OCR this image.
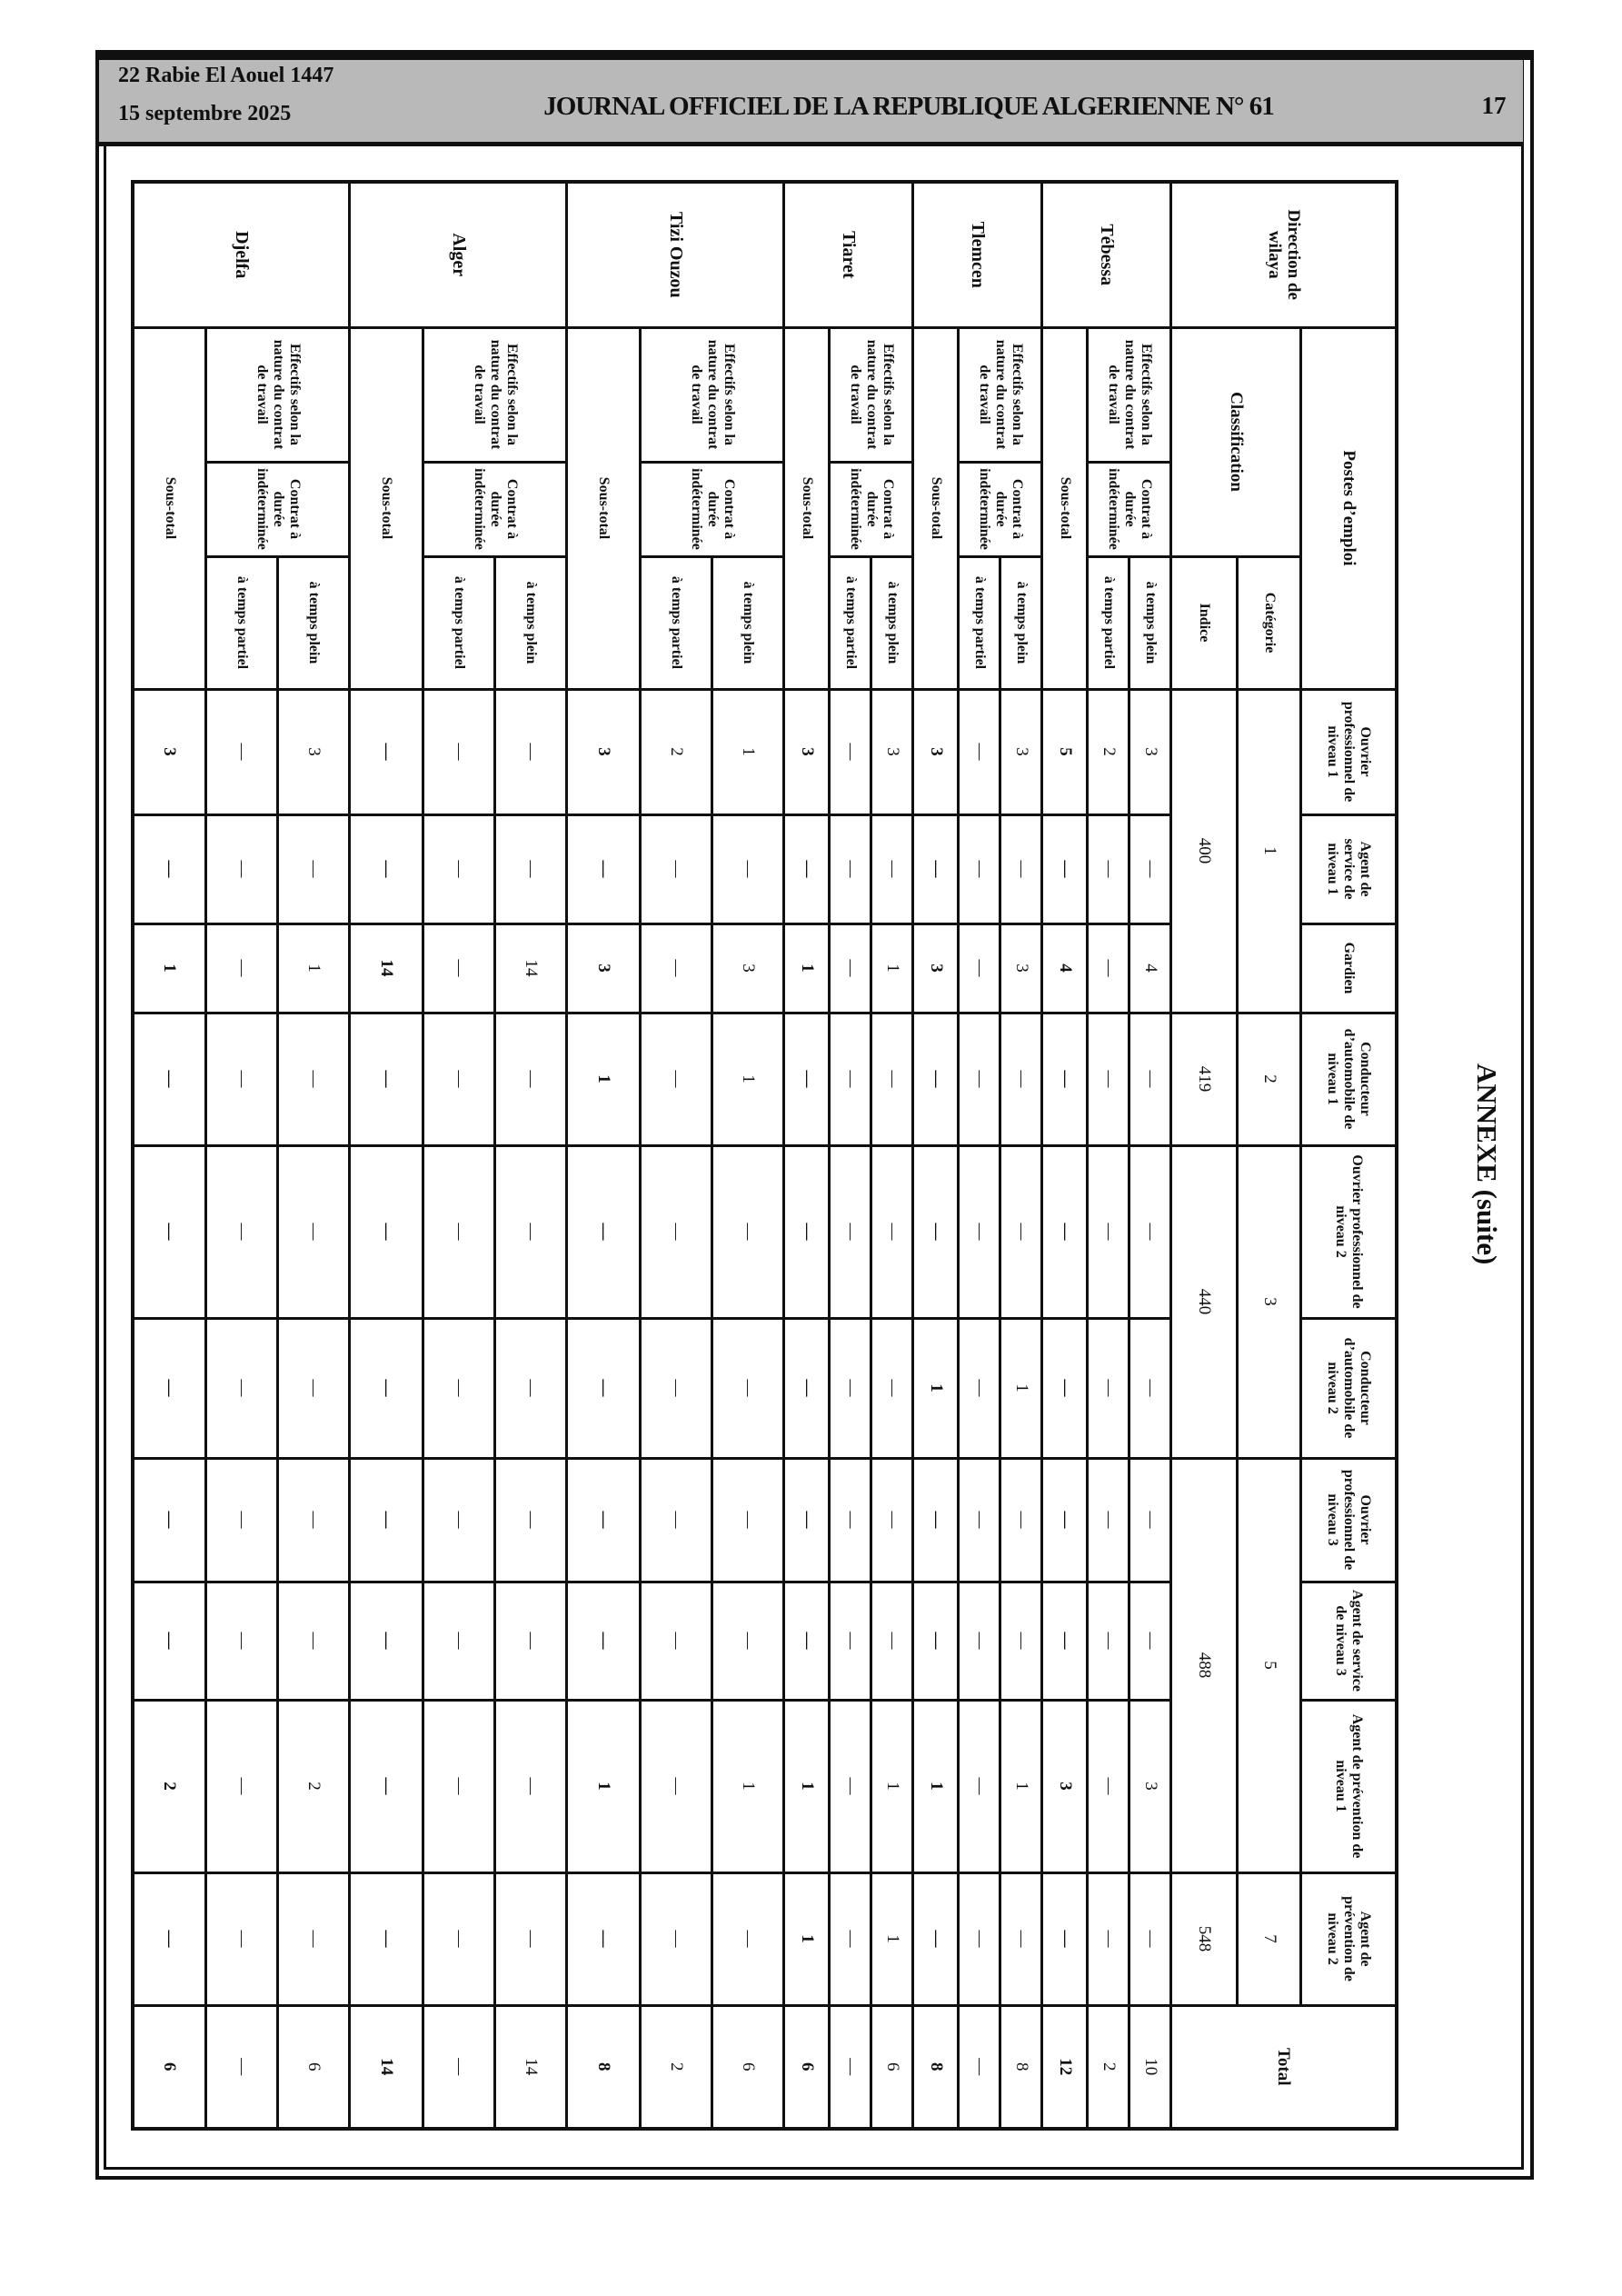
22 Rabie El Aouel 1447
15 septembre 2025	JOURNAL OFFICIEL DE LA REPUBLIQUE ALGERIENNE N° 61	17
ANNEXE (suite)
Direction de wilaya	Postes d’emploi			Ouvrier professionnel de niveau 1	Agent de service de niveau 1	Gardien	Conducteur d’automobile de niveau 1	Ouvrier professionnel de niveau 2	Conducteur d’automobile de niveau 2	Ouvrier professionnel de niveau 3	Agent de service de niveau 3	Agent de prévention de niveau 1	Agent de prévention de niveau 2	Total
	Classification		Catégorie	1			2	3		5			7	
			Indice	400			419	440		488			548	
Tébessa	Effectifs selon la nature du contrat de travail	Contrat à durée indéterminée	à temps plein	3	—	4	—	—	—	—	—	3	—	10
			à temps partiel	2	—	—	—	—	—	—	—	—	—	2
	Sous-total			5	—	4	—	—	—	—	—	3	—	12
Tlemcen	Effectifs selon la nature du contrat de travail	Contrat à durée indéterminée	à temps plein	3	—	3	—	—	1	—	—	1	—	8
			à temps partiel	—	—	—	—	—	—	—	—	—	—	—
	Sous-total			3	—	3	—	—	1	—	—	1	—	8
Tiaret	Effectifs selon la nature du contrat de travail	Contrat à durée indéterminée	à temps plein	3	—	1	—	—	—	—	—	1	1	6
			à temps partiel	—	—	—	—	—	—	—	—	—	—	—
	Sous-total			3	—	1	—	—	—	—	—	1	1	6
Tizi Ouzou	Effectifs selon la nature du contrat de travail	Contrat à durée indéterminée	à temps plein	1	—	3	1	—	—	—	—	1	—	6
			à temps partiel	2	—	—	—	—	—	—	—	—	—	2
	Sous-total			3	—	3	1	—	—	—	—	1	—	8
Alger	Effectifs selon la nature du contrat de travail	Contrat à durée indéterminée	à temps plein	—	—	14	—	—	—	—	—	—	—	14
			à temps partiel	—	—	—	—	—	—	—	—	—	—	—
	Sous-total			—	—	14	—	—	—	—	—	—	—	14
Djelfa	Effectifs selon la nature du contrat de travail	Contrat à durée indéterminée	à temps plein	3	—	1	—	—	—	—	—	2	—	6
			à temps partiel	—	—	—	—	—	—	—	—	—	—	—
	Sous-total			3	—	1	—	—	—	—	—	2	—	6
